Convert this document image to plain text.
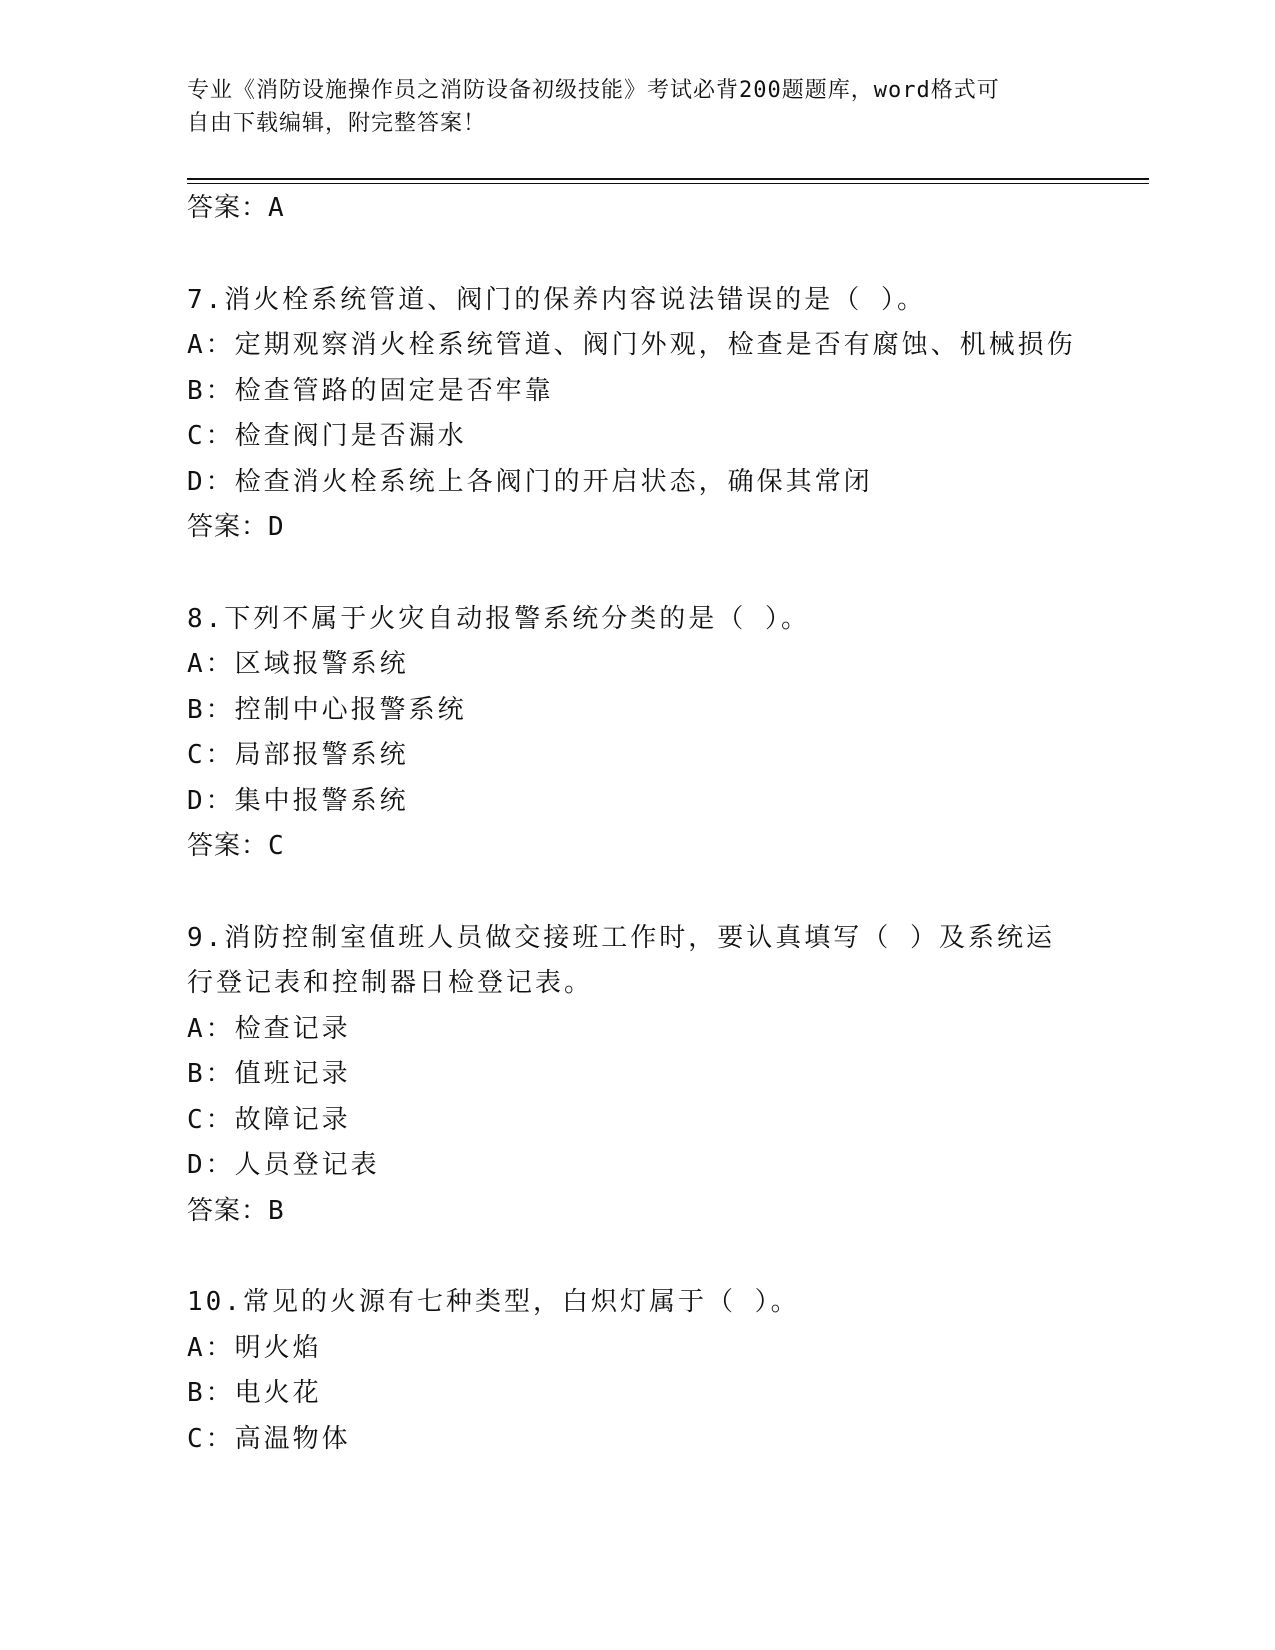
专业《消防设施操作员之消防设备初级技能》考试必背200题题库，word格式可
自由下载编辑，附完整答案！
答案：A
7.消火栓系统管道、阀门的保养内容说法错误的是（ ）。
A：定期观察消火栓系统管道、阀门外观，检查是否有腐蚀、机械损伤
B：检查管路的固定是否牢靠
C：检查阀门是否漏水
D：检查消火栓系统上各阀门的开启状态，确保其常闭
答案：D
8.下列不属于火灾自动报警系统分类的是（ ）。
A：区域报警系统
B：控制中心报警系统
C：局部报警系统
D：集中报警系统
答案：C
9.消防控制室值班人员做交接班工作时，要认真填写（ ）及系统运
行登记表和控制器日检登记表。
A：检查记录
B：值班记录
C：故障记录
D：人员登记表
答案：B
10.常见的火源有七种类型，白炽灯属于（ ）。
A：明火焰
B：电火花
C：高温物体
